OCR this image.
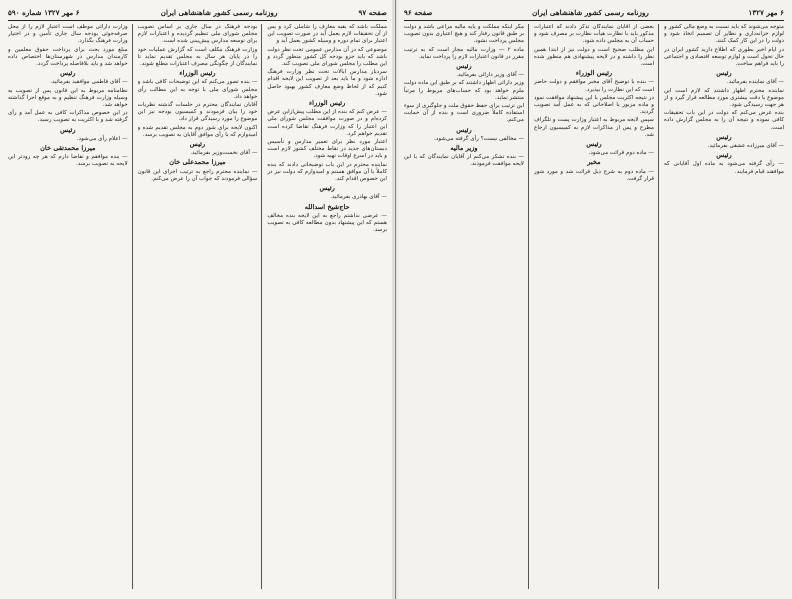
صفحه ۹۷
روزنامه رسمی کشور شاهنشاهی ایران
۶ مهر ۱۳۲۷ شماره ۵۹۰

مملکت باشد که بقیه معارف را شاملی کرد و پس از آن تحقیقات لازم بعمل آید در صورت تصویب این اعتبار برای تمام دوره و وسیله کشور بعمل آید و

موضوعی که در آن مدارس عمومی تحت نظر دولت باشد که باید جزو بودجه کل کشور منظور گردد و این مطلب را مجلس شورای ملی تصویب کند.

سردیار مدارس ایالات تحت نظر وزارت فرهنگ اداره شود و ما باید بعد از تصویب این لایحه اقدام کنیم که از لحاظ وضع معارف کشور بهبود حاصل شود.

رئیس الوزراء

— عرض کنم که بنده از این مطلب پیش‌ازاین عرض کرده‌ام و در صورت موافقت مجلس شورای ملی این اعتبار را که وزارت فرهنگ تقاضا کرده است تقدیم خواهم کرد.

اعتبار مورد نظر برای تعمیر مدارس و تأسیس دبستان‌های جدید در نقاط مختلف کشور لازم است و باید در اسرع اوقات تهیه شود.

نماینده محترم در این باب توضیحاتی دادند که بنده کاملاً با آن موافق هستم و امیدوارم که دولت نیز در این خصوص اقدام کند.

رئیس

— آقای بهادری بفرمائید.

حاج‌شیخ اسدالله

— عرضی نداشتم راجع به این لایحه بنده مخالف هستم که این پیشنهاد بدون مطالعه کافی به تصویب برسد.

بودجه فرهنگ در سال جاری بر اساس تصویب مجلس شورای ملی تنظیم گردیده و اعتبارات لازم برای توسعه مدارس پیش‌بینی شده است.

وزارت فرهنگ مکلف است که گزارش عملیات خود را در پایان هر سال به مجلس تقدیم نماید تا نمایندگان از چگونگی مصرف اعتبارات مطلع شوند.

رئیس الوزراء

— بنده تصور می‌کنم که این توضیحات کافی باشد و مجلس شورای ملی با توجه به این مطالب رأی خواهد داد.

آقایان نمایندگان محترم در جلسات گذشته نظریات خود را بیان فرمودند و کمیسیون بودجه نیز این موضوع را مورد رسیدگی قرار داد.

اکنون لایحه برای شور دوم به مجلس تقدیم شده و امیدوارم که با رأی موافق آقایان به تصویب برسد.

رئیس

— آقای نخست‌وزیر بفرمائید.

میرزا محمدعلی خان

— نماینده محترم راجع به ترتیب اجرای این قانون سؤالی فرمودند که جواب آن را عرض می‌کنم.

وزارت دارائی موظف است اعتبار لازم را از محل صرفه‌جوئی بودجه سال جاری تأمین و در اختیار وزارت فرهنگ بگذارد.

مبلغ مورد بحث برای پرداخت حقوق معلمین و کارمندان مدارس در شهرستان‌ها اختصاص داده خواهد شد و باید بلافاصله پرداخت گردد.

رئیس

— آقای فاطمی موافقید بفرمائید.

نظامنامه مربوط به این قانون پس از تصویب به وسیله وزارت فرهنگ تنظیم و به موقع اجرا گذاشته خواهد شد.

در این خصوص مذاکرات کافی به عمل آمد و رأی گرفته شد و با اکثریت به تصویب رسید.

رئیس

— اعلام رأی می‌شود.

میرزا محمدتقی خان

— بنده موافقم و تقاضا دارم که هر چه زودتر این لایحه به تصویب برسد.

۶ مهر ۱۳۲۷
روزنامه رسمی کشور شاهنشاهی ایران
صفحه ۹۶

متوجه می‌شوند که باید نسبت به وضع مالی کشور و لوازم خزانه‌داری و نظایر آن تصمیم اتخاذ شود و دولت را در این کار کمک کنند.

در ایام اخیر بطوری که اطلاع دارید کشور ایران در حال تحول است و لوازم توسعه اقتصادی و اجتماعی را باید فراهم ساخت.

رئیس

— آقای نماینده بفرمائید.

نماینده محترم اظهار داشتند که لازم است این موضوع با دقت بیشتری مورد مطالعه قرار گیرد و از هر جهت رسیدگی شود.

بنده عرض می‌کنم که دولت در این باب تحقیقات کافی نموده و نتیجه آن را به مجلس گزارش داده است.

رئیس

— آقای میرزاده عشقی بفرمائید.

رئیس

— رأی گرفته می‌شود به ماده اول آقایانی که موافقند قیام فرمایند.

بعضی از آقایان نمایندگان تذکر دادند که اعتبارات مذکور باید با نظارت هیأت نظارت بر مصرف شود و حساب آن به مجلس داده شود.

این مطلب صحیح است و دولت نیز از ابتدا همین نظر را داشته و در لایحه پیشنهادی هم منظور شده است.

رئیس الوزراء

— بنده با توضیح آقای مخبر موافقم و دولت حاضر است که این نظارت را بپذیرد.

در نتیجه اکثریت مجلس با این پیشنهاد موافقت نمود و ماده مزبور با اصلاحاتی که به عمل آمد تصویب گردید.

سپس لایحه مربوط به اعتبار وزارت پست و تلگراف مطرح و پس از مذاکرات لازم به کمیسیون ارجاع شد.

رئیس

— ماده دوم قرائت می‌شود.

مخبر

— ماده دوم به شرح ذیل قرائت شد و مورد شور قرار گرفت.

مگر اینکه مملکت و پایه مالیه مراعی باشد و دولت بر طبق قانون رفتار کند و هیچ اعتباری بدون تصویب مجلس پرداخت نشود.

ماده ۲ — وزارت مالیه مجاز است که به ترتیب مقرر در قانون اعتبارات لازم را پرداخت نماید.

رئیس

— آقای وزیر دارائی بفرمائید.

وزیر دارائی اظهار داشتند که بر طبق این ماده دولت ملزم خواهد بود که حساب‌های مربوط را مرتباً منتشر نماید.

این ترتیب برای حفظ حقوق ملت و جلوگیری از سوء استفاده کاملاً ضروری است و بنده از آن حمایت می‌کنم.

رئیس

— مخالفی نیست؟ رأی گرفته می‌شود.

وزیر مالیه

— بنده تشکر می‌کنم از آقایان نمایندگان که با این لایحه موافقت فرمودند.
